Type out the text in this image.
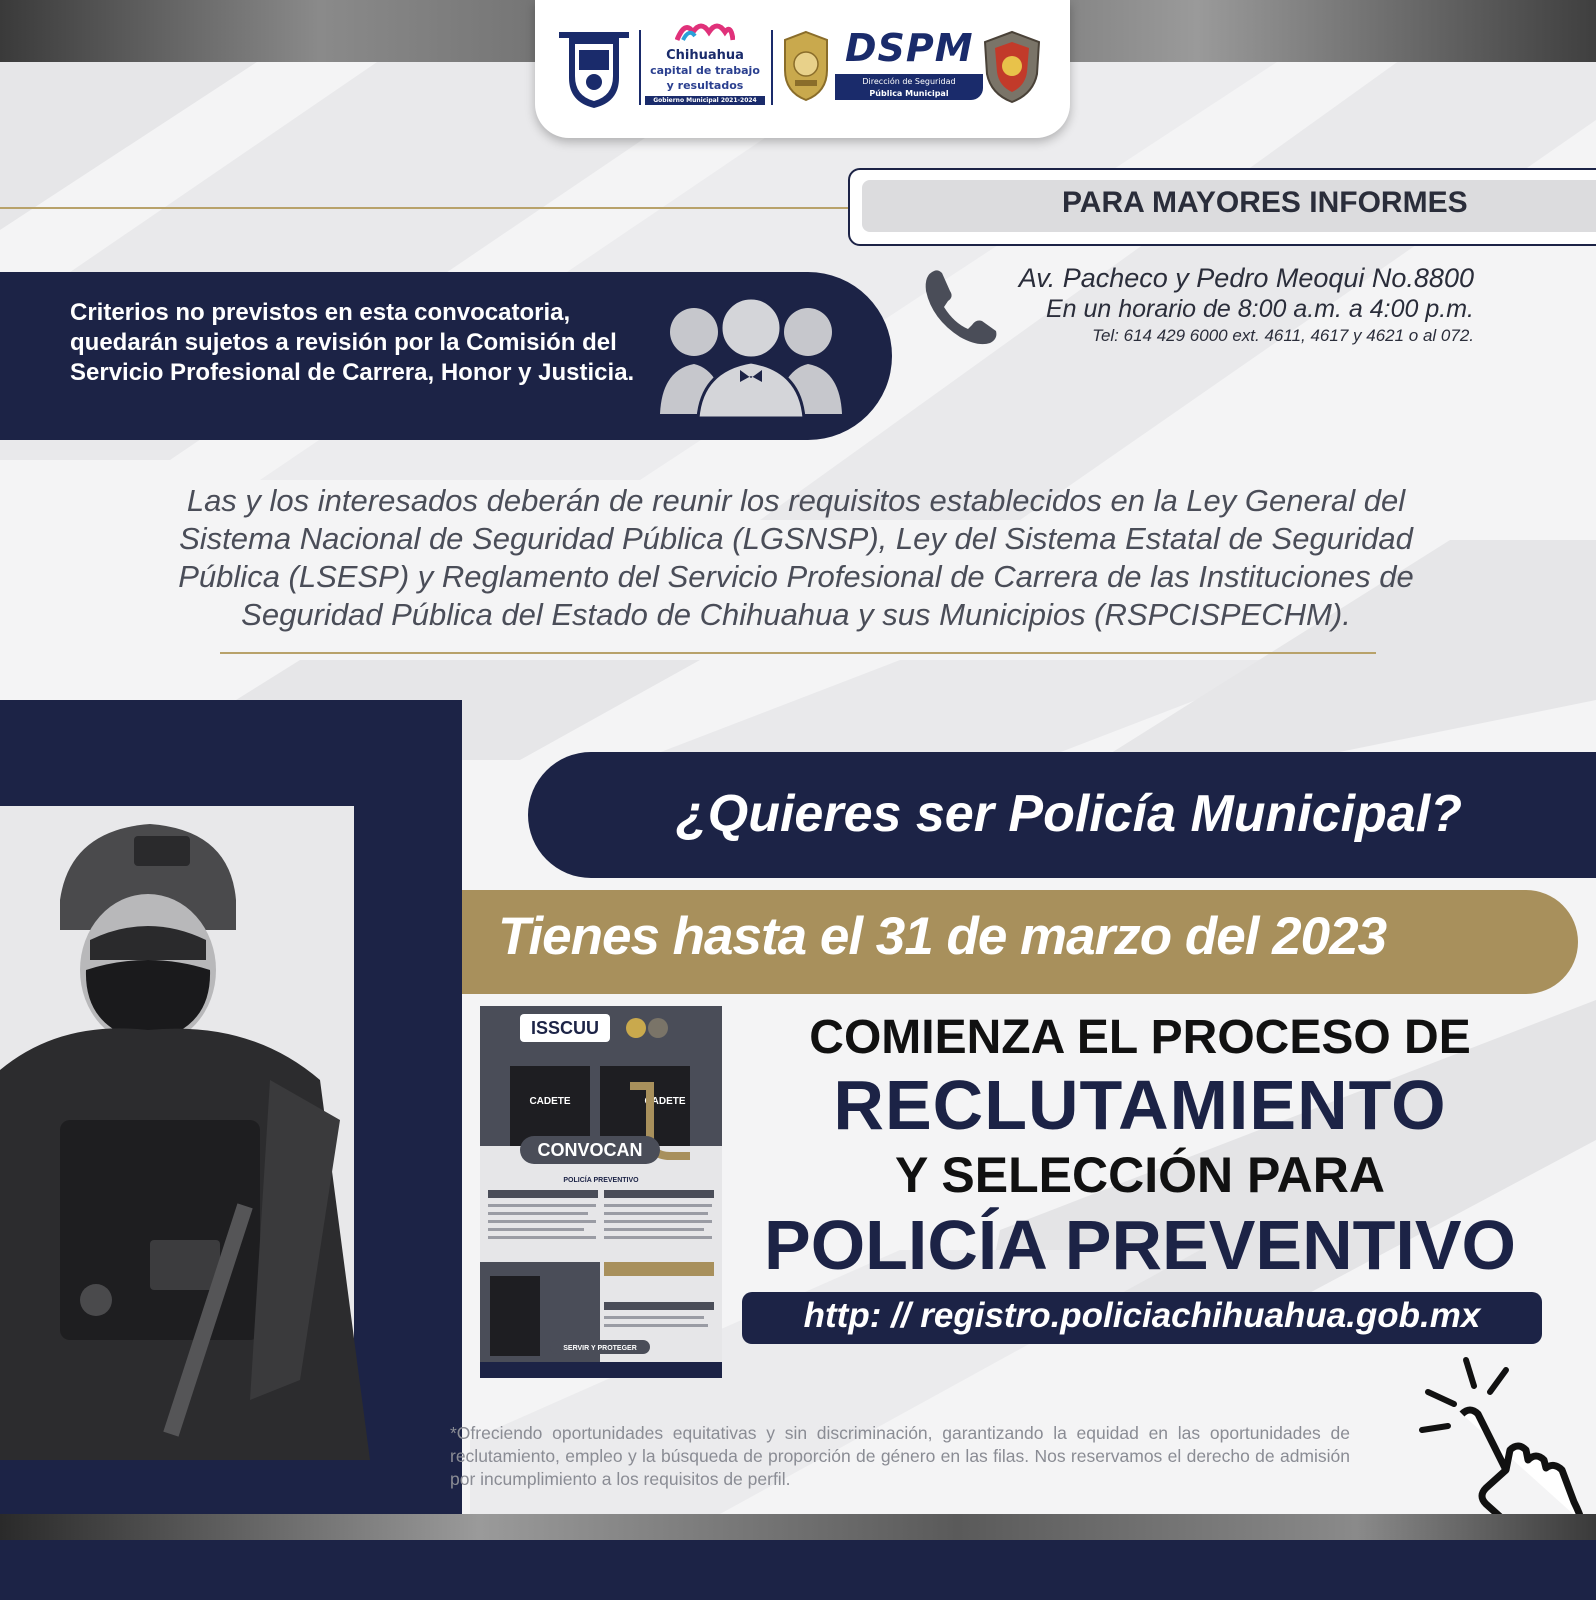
Chihuahua
capital de trabajo
y resultados
Gobierno Municipal 2021-2024
DSPM
Dirección de Seguridad
Pública Municipal
PARA MAYORES INFORMES
Av. Pacheco y Pedro Meoqui No.8800
En un horario de 8:00 a.m. a 4:00 p.m.
Tel: 614 429 6000 ext. 4611, 4617 y 4621 o al 072.
Criterios no previstos en esta convocatoria, quedarán sujetos a revisión por la Comisión del Servicio Profesional de Carrera, Honor y Justicia.
Las y los interesados deberán de reunir los requisitos establecidos en la Ley General del Sistema Nacional de Seguridad Pública (LGSNSP), Ley del Sistema Estatal de Seguridad Pública (LSESP) y Reglamento del Servicio Profesional de Carrera de las Instituciones de Seguridad Pública del Estado de Chihuahua y sus Municipios (RSPCISPECHM).
¿Quieres ser Policía Municipal?
Tienes hasta el 31 de marzo del 2023
ISSCUU
CADETE	CADETE
CONVOCAN
POLICÍA PREVENTIVO
SERVIR Y PROTEGER
COMIENZA EL PROCESO DE
RECLUTAMIENTO
Y SELECCIÓN PARA
POLICÍA PREVENTIVO
http: // registro.policiachihuahua.gob.mx
*Ofreciendo oportunidades equitativas y sin discriminación, garantizando la equidad en las oportunidades de reclutamiento, empleo y la búsqueda de proporción de género en las filas. Nos reservamos el derecho de admisión por incumplimiento a los requisitos de perfil.
